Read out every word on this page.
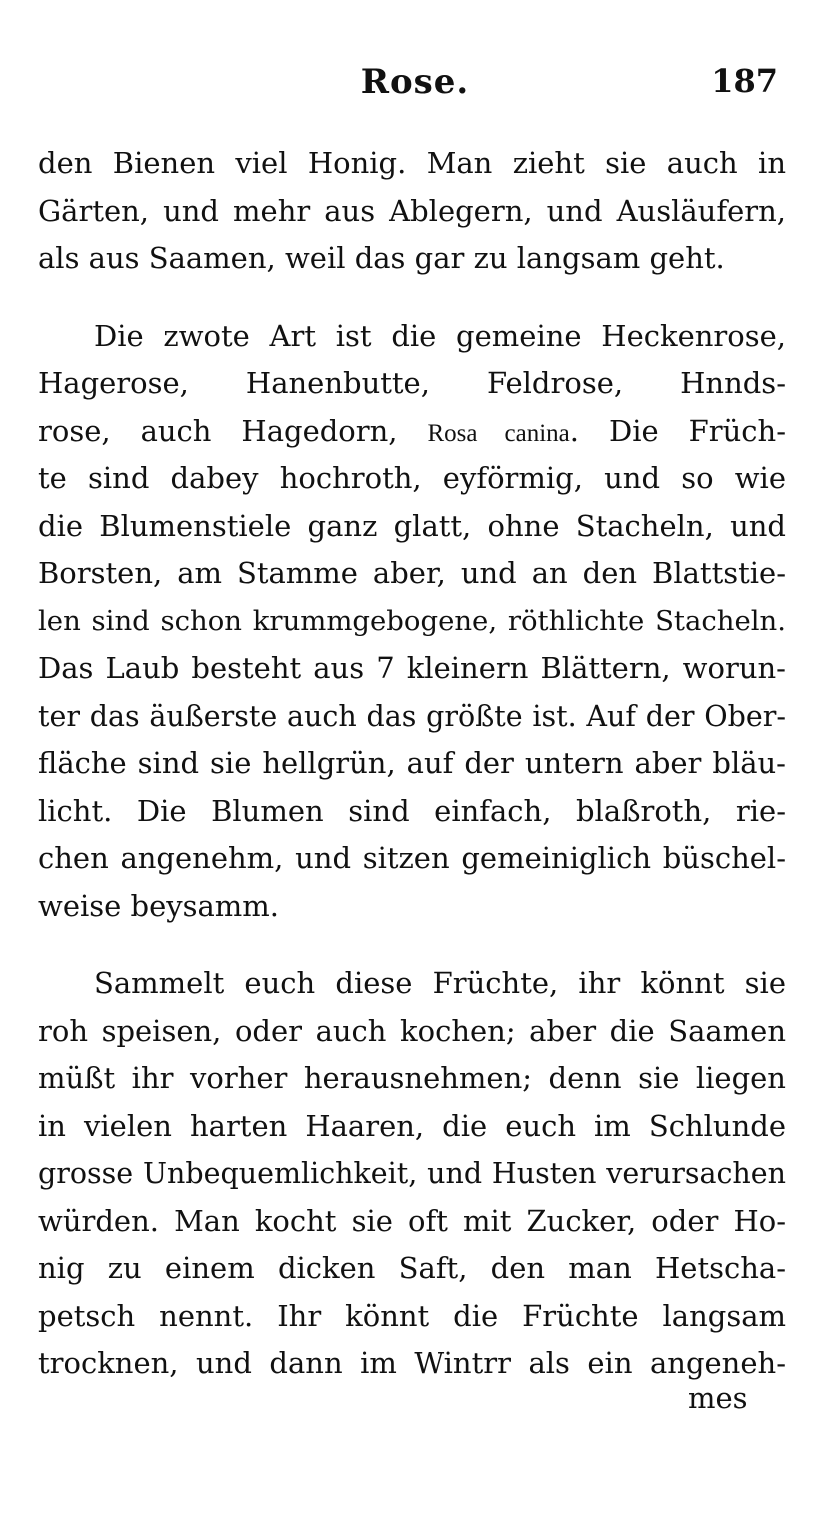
Rose.	187
den Bienen viel Honig. Man zieht sie auch in
Gärten, und mehr aus Ablegern, und Ausläufern,
als aus Saamen, weil das gar zu langsam geht.
Die zwote Art ist die gemeine Heckenrose,
Hagerose, Hanenbutte, Feldrose, Hnnds-
rose, auch Hagedorn, Rosa canina. Die Früch-
te sind dabey hochroth, eyförmig, und so wie
die Blumenstiele ganz glatt, ohne Stacheln, und
Borsten, am Stamme aber, und an den Blattstie-
len sind schon krummgebogene, röthlichte Stacheln.
Das Laub besteht aus 7 kleinern Blättern, worun-
ter das äußerste auch das größte ist. Auf der Ober-
fläche sind sie hellgrün, auf der untern aber bläu-
licht. Die Blumen sind einfach, blaßroth, rie-
chen angenehm, und sitzen gemeiniglich büschel-
weise beysamm.
Sammelt euch diese Früchte, ihr könnt sie
roh speisen, oder auch kochen; aber die Saamen
müßt ihr vorher herausnehmen; denn sie liegen
in vielen harten Haaren, die euch im Schlunde
grosse Unbequemlichkeit, und Husten verursachen
würden. Man kocht sie oft mit Zucker, oder Ho-
nig zu einem dicken Saft, den man Hetscha-
petsch nennt. Ihr könnt die Früchte langsam
trocknen, und dann im Wintrr als ein angeneh-
mes
